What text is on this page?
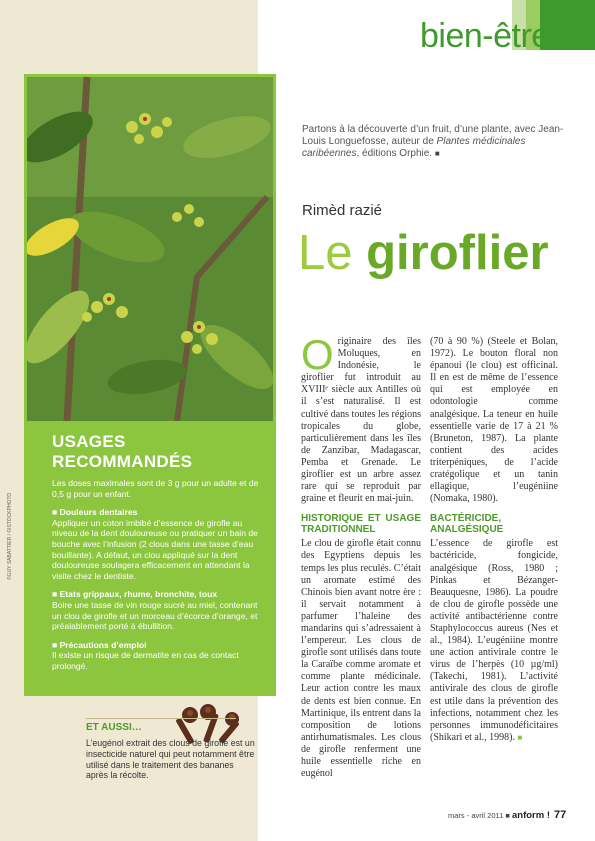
bien-être
Partons à la découverte d’un fruit, d’une plante, avec Jean-Louis Longuefosse, auteur de Plantes médicinales caribéennes, éditions Orphie. ■
Rimèd razié
Le giroflier

Originaire des îles Moluques, en Indonésie, le giroflier fut introduit au XVIIIᵉ siècle aux Antilles où il s’est naturalisé. Il est cultivé dans toutes les régions tropicales du globe, particulièrement dans les îles de Zanzibar, Madagascar, Pemba et Grenade. Le giroflier est un arbre assez rare qui se reproduit par graine et fleurit en mai-juin.

HISTORIQUE ET USAGE TRADITIONNEL

Le clou de girofle était connu des Egyptiens depuis les temps les plus reculés. C’était un aromate estimé des Chinois bien avant notre ère : il servait notamment à parfumer l’haleine des mandarins qui s’adressaient à l’empereur. Les clous de girofle sont utilisés dans toute la Caraïbe comme aromate et comme plante médicinale. Leur action contre les maux de dents est bien connue. En Martinique, ils entrent dans la composition de lotions antirhumatismales. Les clous de girofle renferment une huile essentielle riche en eugénol

(70 à 90 %) (Steele et Bolan, 1972). Le bouton floral non épanoui (le clou) est officinal. Il en est de même de l’essence qui est employée en odontologie comme analgésique. La teneur en huile essentielle varie de 17 à 21 % (Bruneton, 1987). La plante contient des acides triterpéniques, de l’acide cratégolique et un tanin ellagique, l’eugéniine (Nomaka, 1980).

BACTÉRICIDE, ANALGÉSIQUE

L’essence de girofle est bactéricide, fongicide, analgésique (Ross, 1980 ; Pinkas et Bézanger-Beauquesne, 1986). La poudre de clou de girofle possède une activité antibactérienne contre Staphylococcus aureus (Nes et al., 1984). L’eugéniine montre une action antivirale contre le virus de l’herpès (10 µg/ml) (Takechi, 1981). L’activité antivirale des clous de girofle est utile dans la prévention des infections, notamment chez les personnes immunodéficitaires (Shikari et al., 1998). ■

USAGES RECOMMANDÉS

Les doses maximales sont de 3 g pour un adulte et de 0,5 g pour un enfant.

■ Douleurs dentaires

Appliquer un coton imbibé d’essence de girofle au niveau de la dent douloureuse ou pratiquer un bain de bouche avec l’infusion (2 clous dans une tasse d’eau bouillante). A défaut, un clou appliqué sur la dent douloureuse soulagera efficacement en attendant la visite chez le dentiste.

■ Etats grippaux, rhume, bronchite, toux

Boire une tasse de vin rouge sucré au miel, contenant un clou de girofle et un morceau d’écorce d’orange, et préalablement porté à ébullition.

■ Précautions d’emploi

Il existe un risque de dermatite en cas de contact prolongé.

©GUY SABATTIER / ©ISTOCKPHOTO
ET AUSSI…

L’eugénol extrait des clous de girofle est un insecticide naturel qui peut notamment être utilisé dans le traitement des bananes après la récolte.

mars - avril 2011 ■ anform ! 77
